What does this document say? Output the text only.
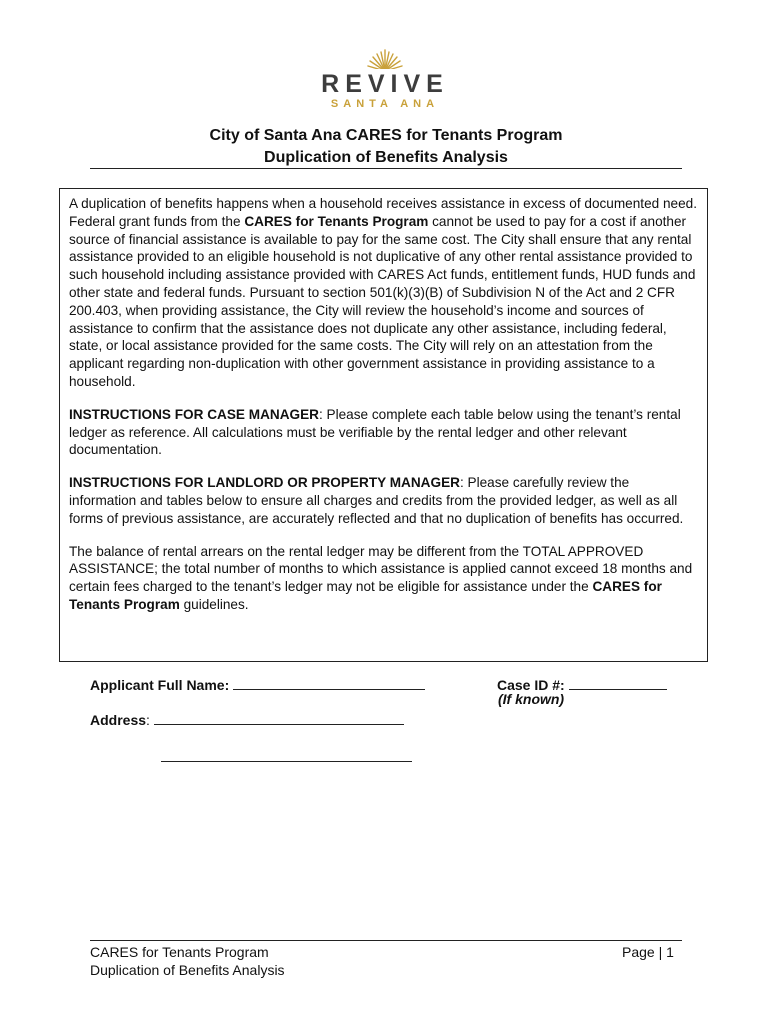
REVIVE
SANTA ANA
City of Santa Ana CARES for Tenants Program
Duplication of Benefits Analysis

A duplication of benefits happens when a household receives assistance in excess of documented need. Federal grant funds from the CARES for Tenants Program cannot be used to pay for a cost if another source of financial assistance is available to pay for the same cost. The City shall ensure that any rental assistance provided to an eligible household is not duplicative of any other rental assistance provided to such household including assistance provided with CARES Act funds, entitlement funds, HUD funds and other state and federal funds. Pursuant to section 501(k)(3)(B) of Subdivision N of the Act and 2 CFR 200.403, when providing assistance, the City will review the household’s income and sources of assistance to confirm that the assistance does not duplicate any other assistance, including federal, state, or local assistance provided for the same costs. The City will rely on an attestation from the applicant regarding non-duplication with other government assistance in providing assistance to a household.

INSTRUCTIONS FOR CASE MANAGER: Please complete each table below using the tenant’s rental ledger as reference. All calculations must be verifiable by the rental ledger and other relevant documentation.

INSTRUCTIONS FOR LANDLORD OR PROPERTY MANAGER: Please carefully review the information and tables below to ensure all charges and credits from the provided ledger, as well as all forms of previous assistance, are accurately reflected and that no duplication of benefits has occurred.

The balance of rental arrears on the rental ledger may be different from the TOTAL APPROVED ASSISTANCE; the total number of months to which assistance is applied cannot exceed 18 months and certain fees charged to the tenant’s ledger may not be eligible for assistance under the CARES for Tenants Program guidelines.

Applicant Full Name:	Case ID #:
(If known)
Address:
CARES for Tenants Program
Duplication of Benefits Analysis
Page | 1
